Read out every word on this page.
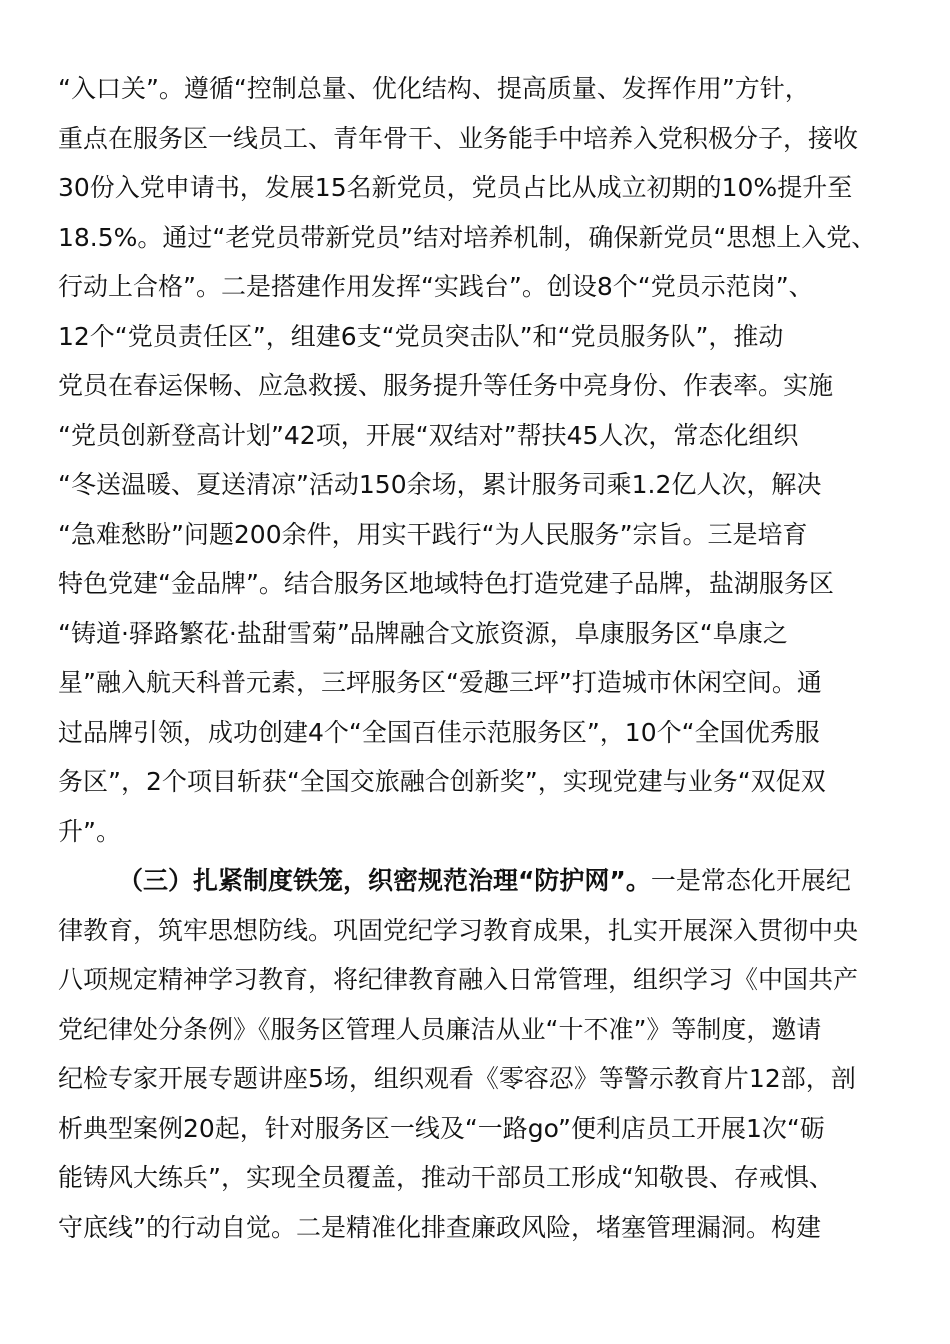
“入口关”。遵循“控制总量、优化结构、提高质量、发挥作用”方针，
重点在服务区一线员工、青年骨干、业务能手中培养入党积极分子，接收
30份入党申请书，发展15名新党员，党员占比从成立初期的10%提升至
18.5%。通过“老党员带新党员”结对培养机制，确保新党员“思想上入党、
行动上合格”。二是搭建作用发挥“实践台”。创设8个“党员示范岗”、
12个“党员责任区”，组建6支“党员突击队”和“党员服务队”，推动
党员在春运保畅、应急救援、服务提升等任务中亮身份、作表率。实施
“党员创新登高计划”42项，开展“双结对”帮扶45人次，常态化组织
“冬送温暖、夏送清凉”活动150余场，累计服务司乘1.2亿人次，解决
“急难愁盼”问题200余件，用实干践行“为人民服务”宗旨。三是培育
特色党建“金品牌”。结合服务区地域特色打造党建子品牌，盐湖服务区
“铸道·驿路繁花·盐甜雪菊”品牌融合文旅资源，阜康服务区“阜康之
星”融入航天科普元素，三坪服务区“爱趣三坪”打造城市休闲空间。通
过品牌引领，成功创建4个“全国百佳示范服务区”，10个“全国优秀服
务区”，2个项目斩获“全国交旅融合创新奖”，实现党建与业务“双促双
升”。
（三）扎紧制度铁笼，织密规范治理“防护网”。一是常态化开展纪
律教育，筑牢思想防线。巩固党纪学习教育成果，扎实开展深入贯彻中央
八项规定精神学习教育，将纪律教育融入日常管理，组织学习《中国共产
党纪律处分条例》《服务区管理人员廉洁从业“十不准”》等制度，邀请
纪检专家开展专题讲座5场，组织观看《零容忍》等警示教育片12部，剖
析典型案例20起，针对服务区一线及“一路go”便利店员工开展1次“砺
能铸风大练兵”，实现全员覆盖，推动干部员工形成“知敬畏、存戒惧、
守底线”的行动自觉。二是精准化排查廉政风险，堵塞管理漏洞。构建
